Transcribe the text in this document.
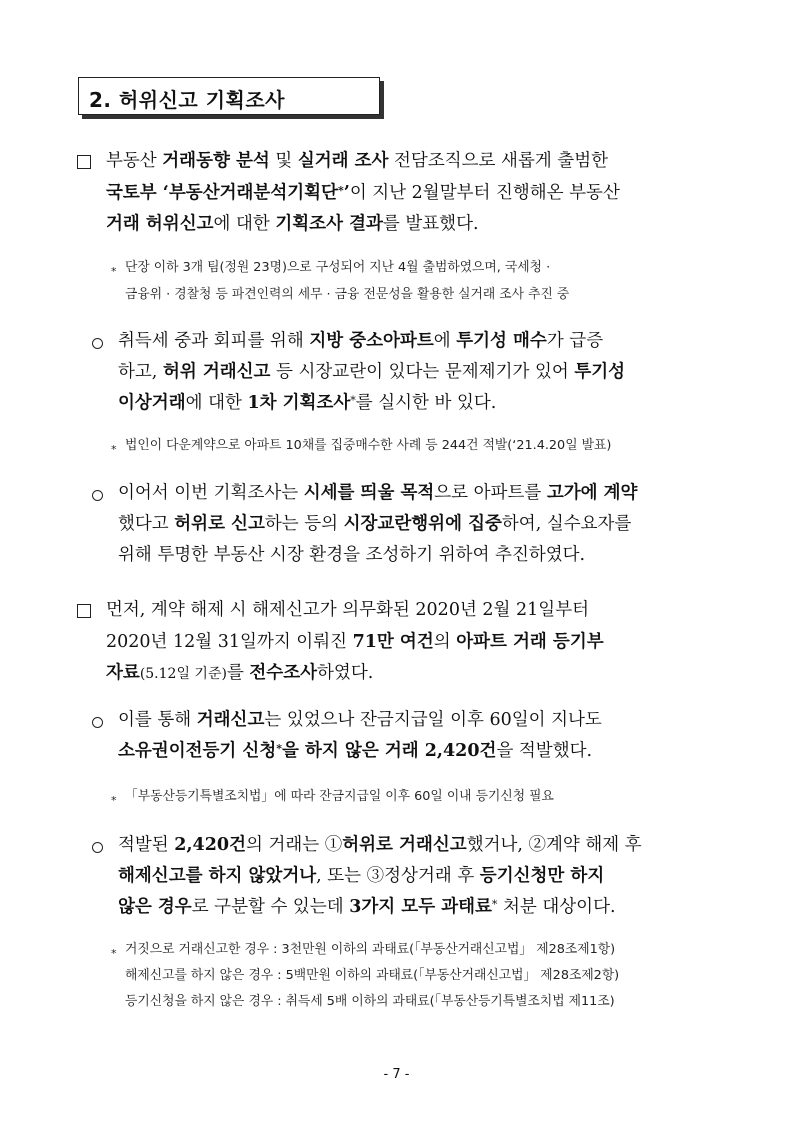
2. 허위신고 기획조사
부동산 거래동향 분석 및 실거래 조사 전담조직으로 새롭게 출범한
국토부 ‘부동산거래분석기획단*’이 지난 2월말부터 진행해온 부동산
거래 허위신고에 대한 기획조사 결과를 발표했다.
* 단장 이하 3개 팀(정원 23명)으로 구성되어 지난 4월 출범하였으며, 국세청 ·
금융위 · 경찰청 등 파견인력의 세무 · 금융 전문성을 활용한 실거래 조사 추진 중
취득세 중과 회피를 위해 지방 중소아파트에 투기성 매수가 급증
하고, 허위 거래신고 등 시장교란이 있다는 문제제기가 있어 투기성
이상거래에 대한 1차 기획조사*를 실시한 바 있다.
* 법인이 다운계약으로 아파트 10채를 집중매수한 사례 등 244건 적발(‘21.4.20일 발표)
이어서 이번 기획조사는 시세를 띄울 목적으로 아파트를 고가에 계약
했다고 허위로 신고하는 등의 시장교란행위에 집중하여, 실수요자를
위해 투명한 부동산 시장 환경을 조성하기 위하여 추진하였다.
먼저, 계약 해제 시 해제신고가 의무화된 2020년 2월 21일부터
2020년 12월 31일까지 이뤄진 71만 여건의 아파트 거래 등기부
자료(5.12일 기준)를 전수조사하였다.
이를 통해 거래신고는 있었으나 잔금지급일 이후 60일이 지나도
소유권이전등기 신청*을 하지 않은 거래 2,420건을 적발했다.
* 「부동산등기특별조치법」에 따라 잔금지급일 이후 60일 이내 등기신청 필요
적발된 2,420건의 거래는 ①허위로 거래신고했거나, ②계약 해제 후
해제신고를 하지 않았거나, 또는 ③정상거래 후 등기신청만 하지
않은 경우로 구분할 수 있는데 3가지 모두 과태료* 처분 대상이다.
* 거짓으로 거래신고한 경우 : 3천만원 이하의 과태료(「부동산거래신고법」 제28조제1항)
해제신고를 하지 않은 경우 : 5백만원 이하의 과태료(「부동산거래신고법」 제28조제2항)
등기신청을 하지 않은 경우 : 취득세 5배 이하의 과태료(「부동산등기특별조치법 제11조)
- 7 -
